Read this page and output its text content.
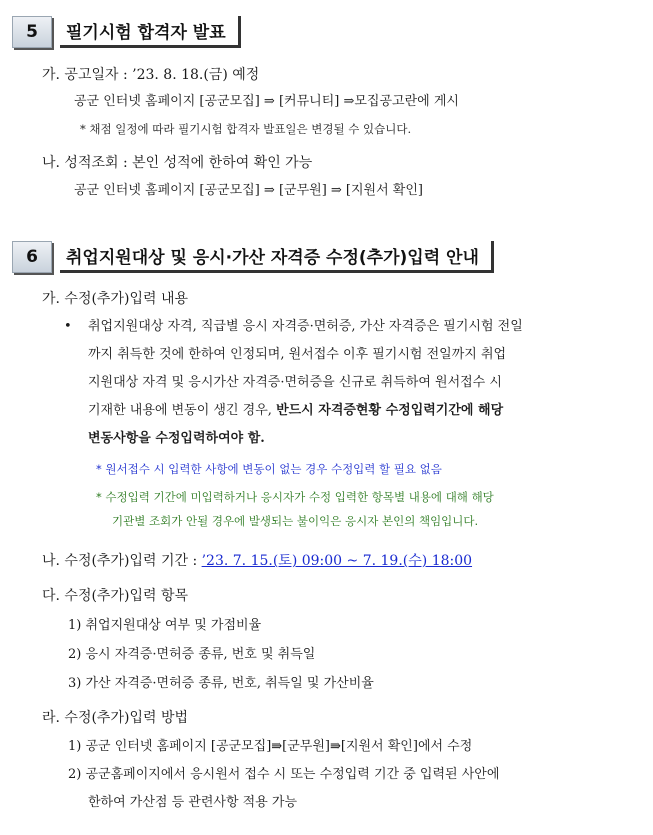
5	필기시험 합격자 발표
가. 공고일자 : ’23. 8. 18.(금) 예정
공군 인터넷 홈페이지 [공군모집] ⇒ [커뮤니티] ⇒모집공고란에 게시
* 채점 일정에 따라 필기시험 합격자 발표일은 변경될 수 있습니다.
나. 성적조회 : 본인 성적에 한하여 확인 가능
공군 인터넷 홈페이지 [공군모집] ⇒ [군무원] ⇒ [지원서 확인]
6	취업지원대상 및 응시·가산 자격증 수정(추가)입력 안내
가. 수정(추가)입력 내용
• 취업지원대상 자격, 직급별 응시 자격증·면허증, 가산 자격증은 필기시험 전일
까지 취득한 것에 한하여 인정되며, 원서접수 이후 필기시험 전일까지 취업
지원대상 자격 및 응시가산 자격증·면허증을 신규로 취득하여 원서접수 시
기재한 내용에 변동이 생긴 경우, 반드시 자격증현황 수정입력기간에 해당
변동사항을 수정입력하여야 함.
* 원서접수 시 입력한 사항에 변동이 없는 경우 수정입력 할 필요 없음
* 수정입력 기간에 미입력하거나 응시자가 수정 입력한 항목별 내용에 대해 해당
기관별 조회가 안될 경우에 발생되는 불이익은 응시자 본인의 책임입니다.
나. 수정(추가)입력 기간 : ’23. 7. 15.(토) 09:00 ~ 7. 19.(수) 18:00
다. 수정(추가)입력 항목
1) 취업지원대상 여부 및 가점비율
2) 응시 자격증·면허증 종류, 번호 및 취득일
3) 가산 자격증·면허증 종류, 번호, 취득일 및 가산비율
라. 수정(추가)입력 방법
1) 공군 인터넷 홈페이지 [공군모집]⇛[군무원]⇛[지원서 확인]에서 수정
2) 공군홈페이지에서 응시원서 접수 시 또는 수정입력 기간 중 입력된 사안에
한하여 가산점 등 관련사항 적용 가능
